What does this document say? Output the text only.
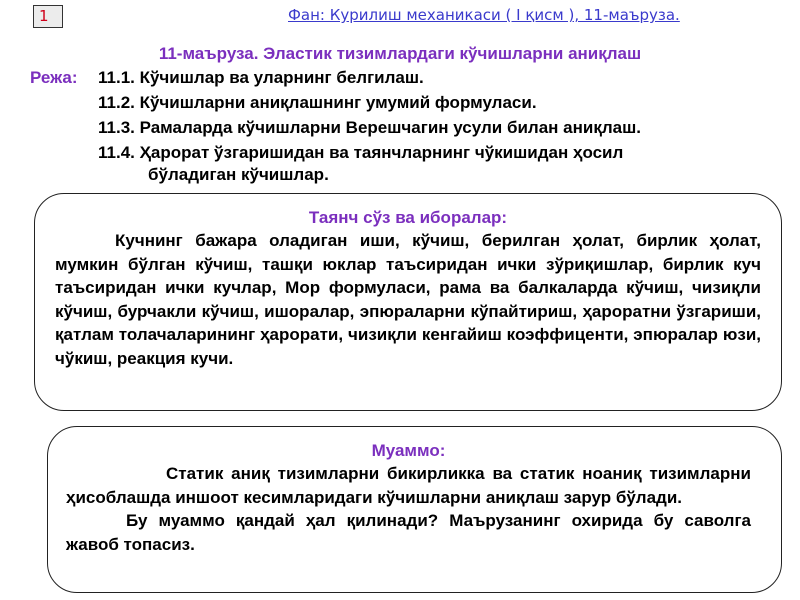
1	Фан: Курилиш механикаси ( I қисм ), 11-маъруза.
11-маъруза. Эластик тизимлардаги кўчишларни аниқлаш
Режа: 11.1. Кўчишлар ва уларнинг белгилаш.
11.2. Кўчишларни аниқлашнинг умумий формуласи.
11.3. Рамаларда кўчишларни Верешчагин усули билан аниқлаш.
11.4. Ҳарорат ўзгаришидан ва таянчларнинг чўкишидан ҳосил
бўладиган кўчишлар.
Таянч сўз ва иборалар:

Кучнинг бажара оладиган иши, кўчиш, берилган ҳолат, бирлик ҳолат, мумкин бўлган кўчиш, ташқи юклар таъсиридан ички зўриқишлар, бирлик куч таъсиридан ички кучлар, Мор формуласи, рама ва балкаларда кўчиш, чизиқли кўчиш, бурчакли кўчиш, ишоралар, эпюраларни кўпайтириш, ҳароратни ўзгариши, қатлам толачаларининг ҳарорати, чизиқли кенгайиш коэффиценти, эпюралар юзи, чўкиш, реакция кучи.

Муаммо:

Статик аниқ тизимларни бикирликка ва статик ноаниқ тизимларни ҳисоблашда иншоот кесимларидаги кўчишларни аниқлаш зарур бўлади.

Бу муаммо қандай ҳал қилинади? Маърузанинг охирида бу саволга жавоб топасиз.
